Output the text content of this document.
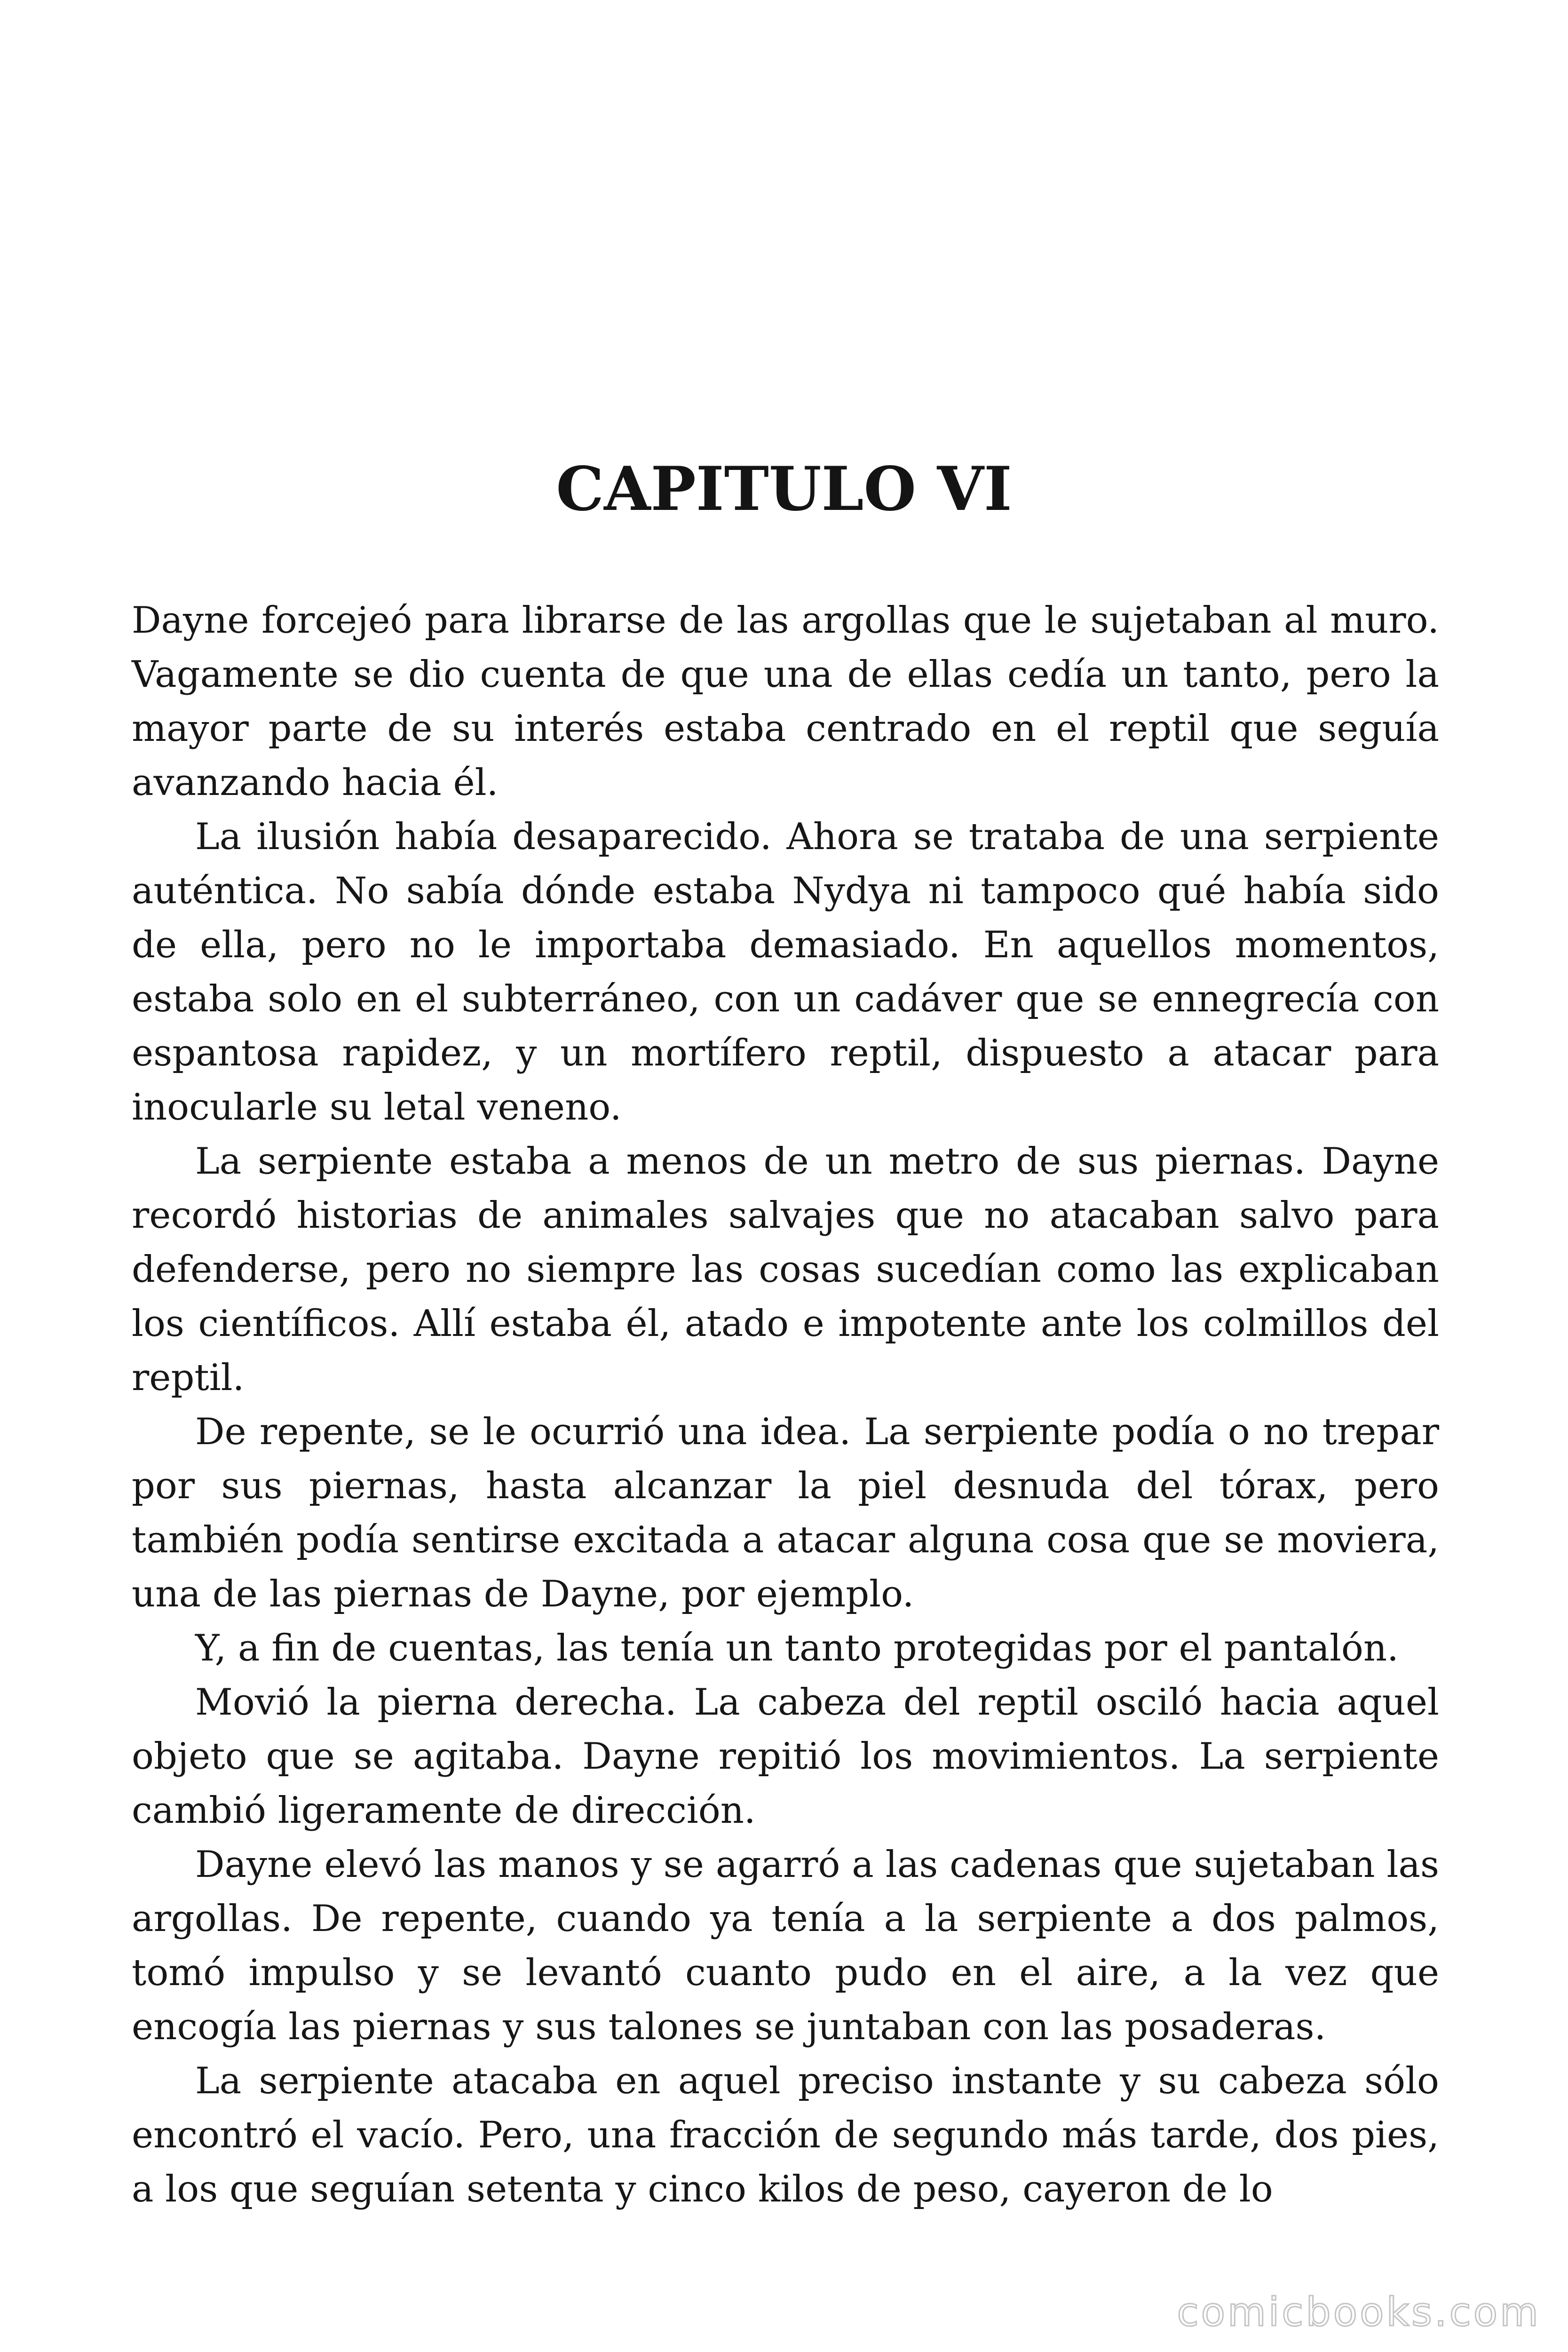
CAPITULO VI

Dayne forcejeó para librarse de las argollas que le sujetaban al muro. Vagamente se dio cuenta de que una de ellas cedía un tanto, pero la mayor parte de su interés estaba centrado en el reptil que seguía avanzando hacia él.

La ilusión había desaparecido. Ahora se trataba de una serpiente auténtica. No sabía dónde estaba Nydya ni tampoco qué había sido de ella, pero no le importaba demasiado. En aquellos momentos, estaba solo en el subterráneo, con un cadáver que se ennegrecía con espantosa rapidez, y un mortífero reptil, dispuesto a atacar para inocularle su letal veneno.

La serpiente estaba a menos de un metro de sus piernas. Dayne recordó historias de animales salvajes que no atacaban salvo para defenderse, pero no siempre las cosas sucedían como las explicaban los científicos. Allí estaba él, atado e impotente ante los colmillos del reptil.

De repente, se le ocurrió una idea. La serpiente podía o no trepar por sus piernas, hasta alcanzar la piel desnuda del tórax, pero también podía sentirse excitada a atacar alguna cosa que se moviera, una de las piernas de Dayne, por ejemplo.

Y, a fin de cuentas, las tenía un tanto protegidas por el pantalón.

Movió la pierna derecha. La cabeza del reptil osciló hacia aquel objeto que se agitaba. Dayne repitió los movimientos. La serpiente cambió ligeramente de dirección.

Dayne elevó las manos y se agarró a las cadenas que sujetaban las argollas. De repente, cuando ya tenía a la serpiente a dos palmos, tomó impulso y se levantó cuanto pudo en el aire, a la vez que encogía las piernas y sus talones se juntaban con las posaderas.

La serpiente atacaba en aquel preciso instante y su cabeza sólo encontró el vacío. Pero, una fracción de segundo más tarde, dos pies, a los que seguían setenta y cinco kilos de peso, cayeron de lo

comicbooks.com
